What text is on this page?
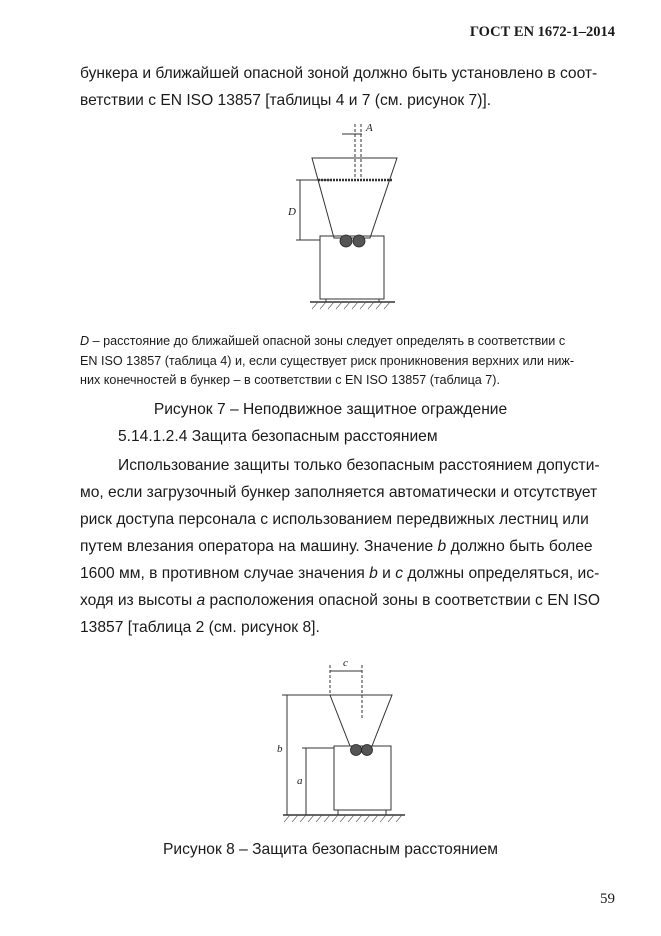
ГОСТ EN 1672-1–2014
бункера и ближайшей опасной зоной должно быть установлено в соот-
ветствии с EN ISO 13857 [таблицы 4 и 7 (см. рисунок 7)].
A
D
D – расстояние до ближайшей опасной зоны следует определять в соответствии с
EN ISO 13857 (таблица 4) и, если существует риск проникновения верхних или ниж-
них конечностей в бункер – в соответствии с EN ISO 13857 (таблица 7).
Рисунок 7 – Неподвижное защитное ограждение
5.14.1.2.4 Защита безопасным расстоянием
Использование защиты только безопасным расстоянием допусти-
мо, если загрузочный бункер заполняется автоматически и отсутствует
риск доступа персонала с использованием передвижных лестниц или
путем влезания оператора на машину. Значение b должно быть более
1600 мм, в противном случае значения b и c должны определяться, ис-
ходя из высоты a расположения опасной зоны в соответствии с EN ISO
13857 [таблица 2 (см. рисунок 8].
c
b
a
Рисунок 8 – Защита безопасным расстоянием
59
